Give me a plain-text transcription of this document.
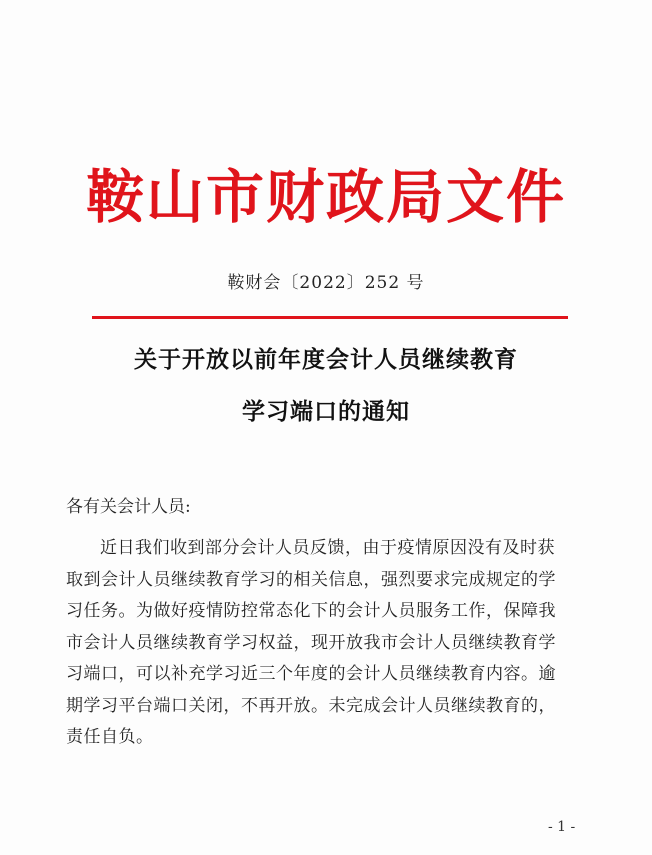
鞍山市财政局文件
鞍财会〔2022〕252 号
关于开放以前年度会计人员继续教育
学习端口的通知
各有关会计人员:
近日我们收到部分会计人员反馈，由于疫情原因没有及时获
取到会计人员继续教育学习的相关信息，强烈要求完成规定的学
习任务。为做好疫情防控常态化下的会计人员服务工作，保障我
市会计人员继续教育学习权益，现开放我市会计人员继续教育学
习端口，可以补充学习近三个年度的会计人员继续教育内容。逾
期学习平台端口关闭，不再开放。未完成会计人员继续教育的，
责任自负。
- 1 -
